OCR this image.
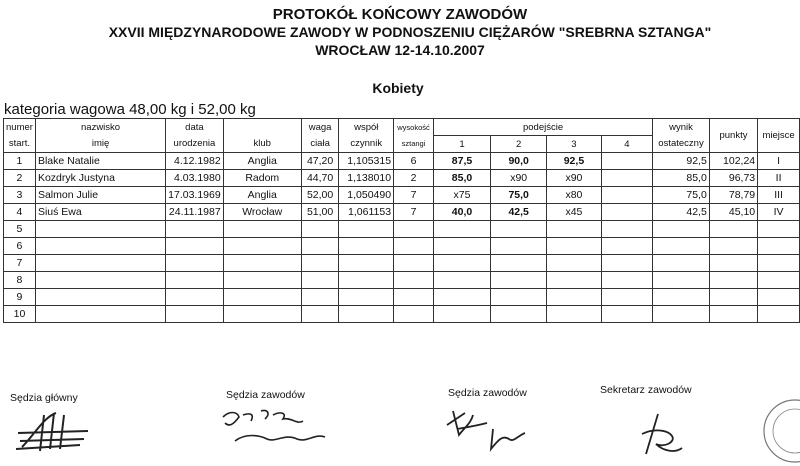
PROTOKÓŁ KOŃCOWY ZAWODÓW
XXVII MIĘDZYNARODOWE ZAWODY W PODNOSZENIU CIĘŻARÓW "SREBRNA SZTANGA"
WROCŁAW 12-14.10.2007
Kobiety
kategoria wagowa 48,00 kg i 52,00 kg
numer	nazwisko	data		waga	współ	wysokość	podejście				wynik	punkty	miejsce
start.	imię	urodzenia	klub	ciała	czynnik	sztangi	1	2	3	4	ostateczny		
1	Blake Natalie	4.12.1982	Anglia	47,20	1,105315	6	87,5	90,0	92,5		92,5	102,24	I
2	Kozdryk Justyna	4.03.1980	Radom	44,70	1,138010	2	85,0	x90	x90		85,0	96,73	II
3	Salmon Julie	17.03.1969	Anglia	52,00	1,050490	7	x75	75,0	x80		75,0	78,79	III
4	Siuś Ewa	24.11.1987	Wrocław	51,00	1,061153	7	40,0	42,5	x45		42,5	45,10	IV
5													
6													
7													
8													
9													
10													
Sędzia główny	Sędzia zawodów	Sędzia zawodów	Sekretarz zawodów
